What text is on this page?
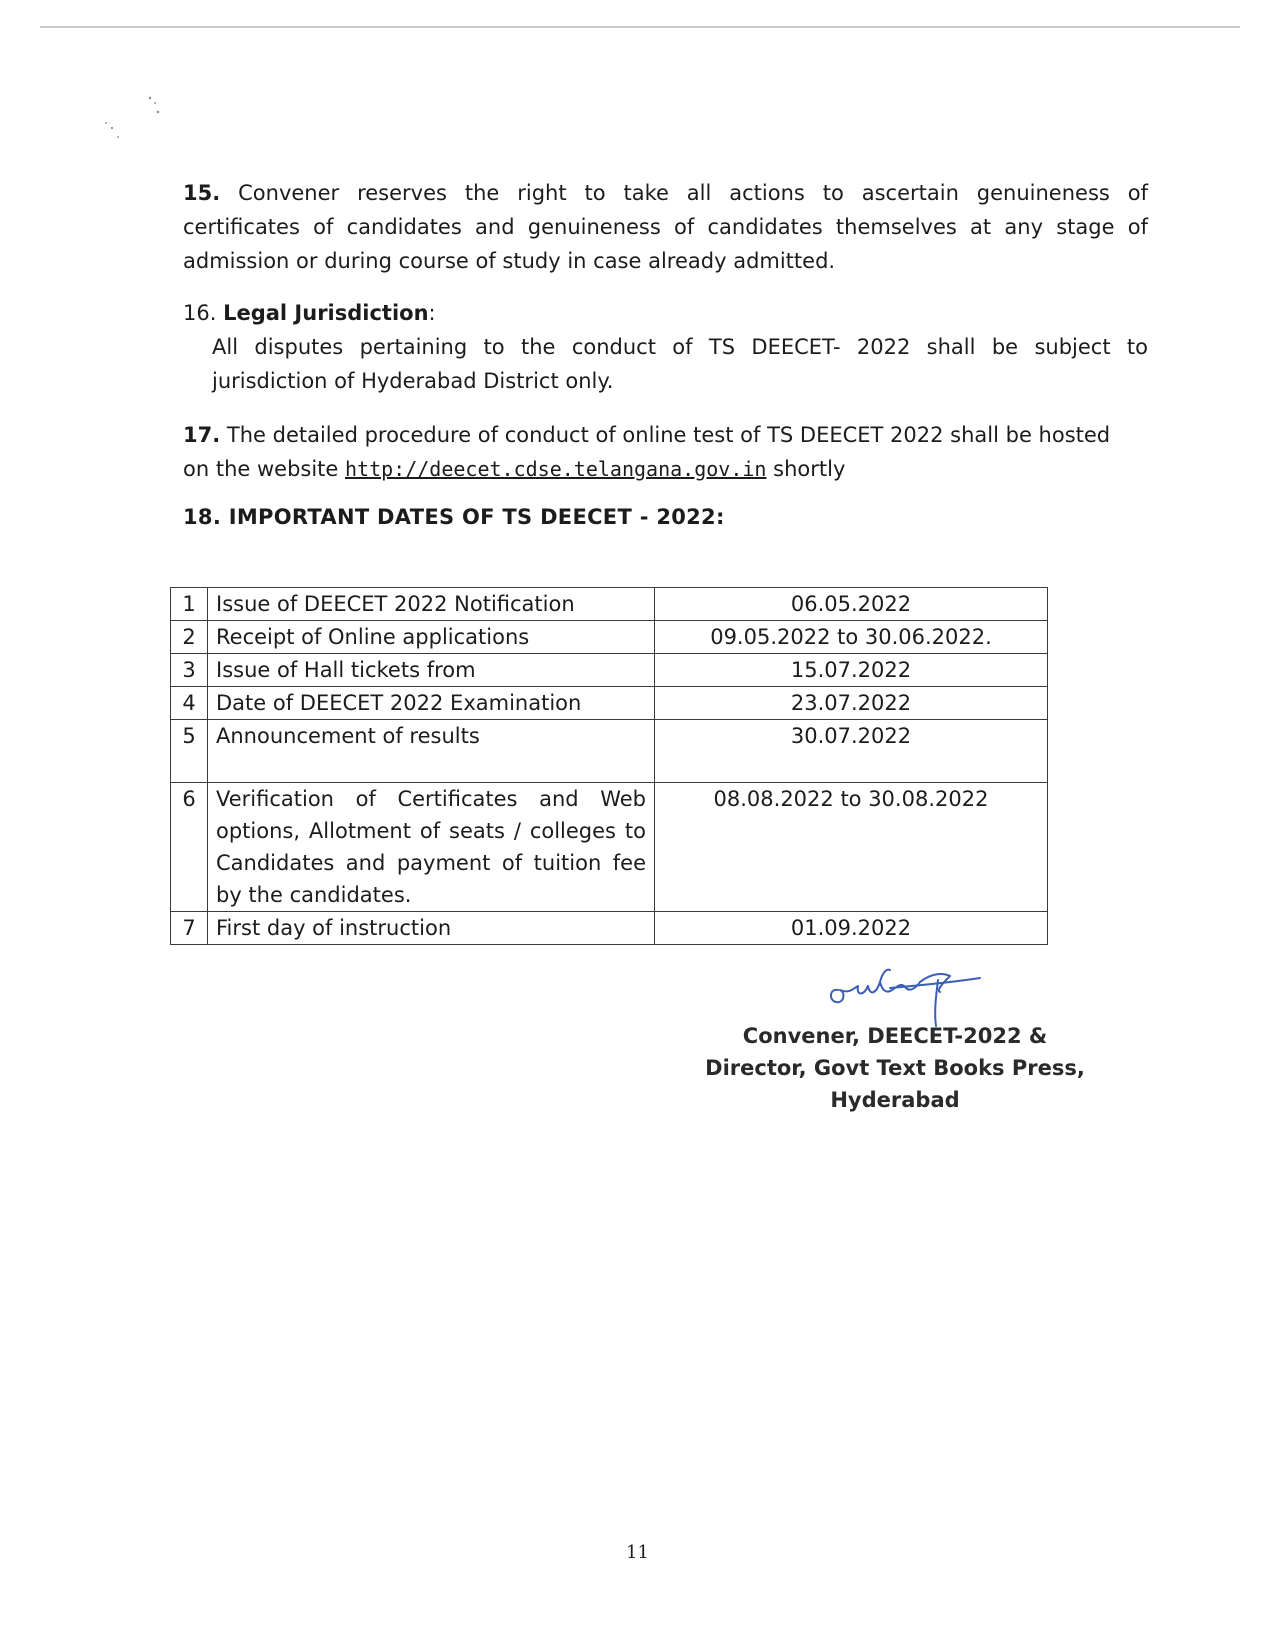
15. Convener reserves the right to take all actions to ascertain genuineness of
certificates of candidates and genuineness of candidates themselves at any stage of
admission or during course of study in case already admitted.
16. Legal Jurisdiction:
All disputes pertaining to the conduct of TS DEECET- 2022 shall be subject to
jurisdiction of Hyderabad District only.
17. The detailed procedure of conduct of online test of TS DEECET 2022 shall be hosted
on the website http://deecet.cdse.telangana.gov.in shortly
18. IMPORTANT DATES OF TS DEECET - 2022:
1	Issue of DEECET 2022 Notification	06.05.2022
2	Receipt of Online applications	09.05.2022 to 30.06.2022.
3	Issue of Hall tickets from	15.07.2022
4	Date of DEECET 2022 Examination	23.07.2022
5	Announcement of results	30.07.2022
6	Verification of Certificates and Web options, Allotment of seats / colleges to Candidates and payment of tuition fee by the candidates.	08.08.2022 to 30.08.2022
7	First day of instruction	01.09.2022
Convener, DEECET-2022 &
Director, Govt Text Books Press,
Hyderabad
11
